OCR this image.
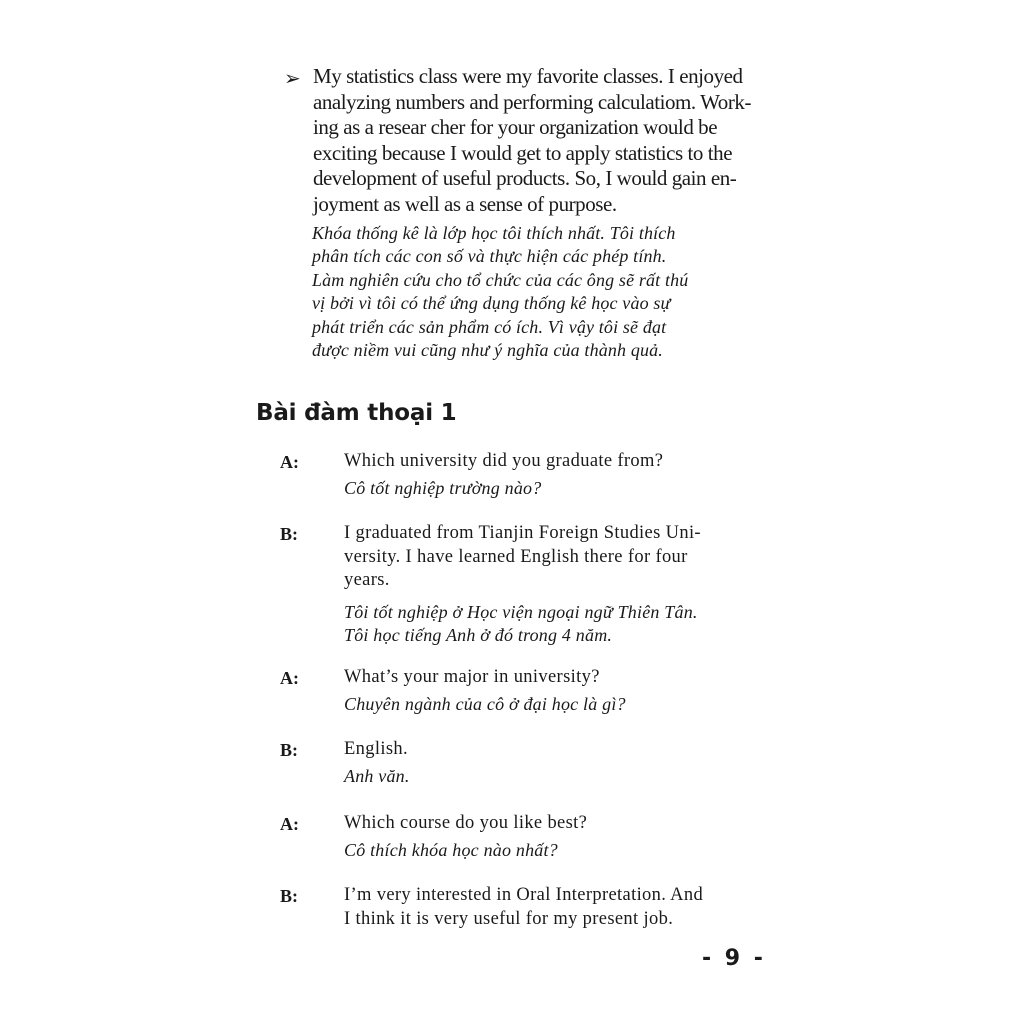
➢ My statistics class were my favorite classes. I enjoyed
analyzing numbers and performing calculatiom. Work-
ing as a resear cher for your organization would be
exciting because I would get to apply statistics to the
development of useful products. So, I would gain en-
joyment as well as a sense of purpose.
Khóa thống kê là lớp học tôi thích nhất. Tôi thích
phân tích các con số và thực hiện các phép tính.
Làm nghiên cứu cho tổ chức của các ông sẽ rất thú
vị bởi vì tôi có thể ứng dụng thống kê học vào sự
phát triển các sản phẩm có ích. Vì vậy tôi sẽ đạt
được niềm vui cũng như ý nghĩa của thành quả.
Bài đàm thoại 1
A: Which university did you graduate from?
Cô tốt nghiệp trường nào?
B: I graduated from Tianjin Foreign Studies Uni-
versity. I have learned English there for four
years.
Tôi tốt nghiệp ở Học viện ngoại ngữ Thiên Tân.
Tôi học tiếng Anh ở đó trong 4 năm.
A: What’s your major in university?
Chuyên ngành của cô ở đại học là gì?
B: English.
Anh văn.
A: Which course do you like best?
Cô thích khóa học nào nhất?
B: I’m very interested in Oral Interpretation. And
I think it is very useful for my present job.
- 9 -
